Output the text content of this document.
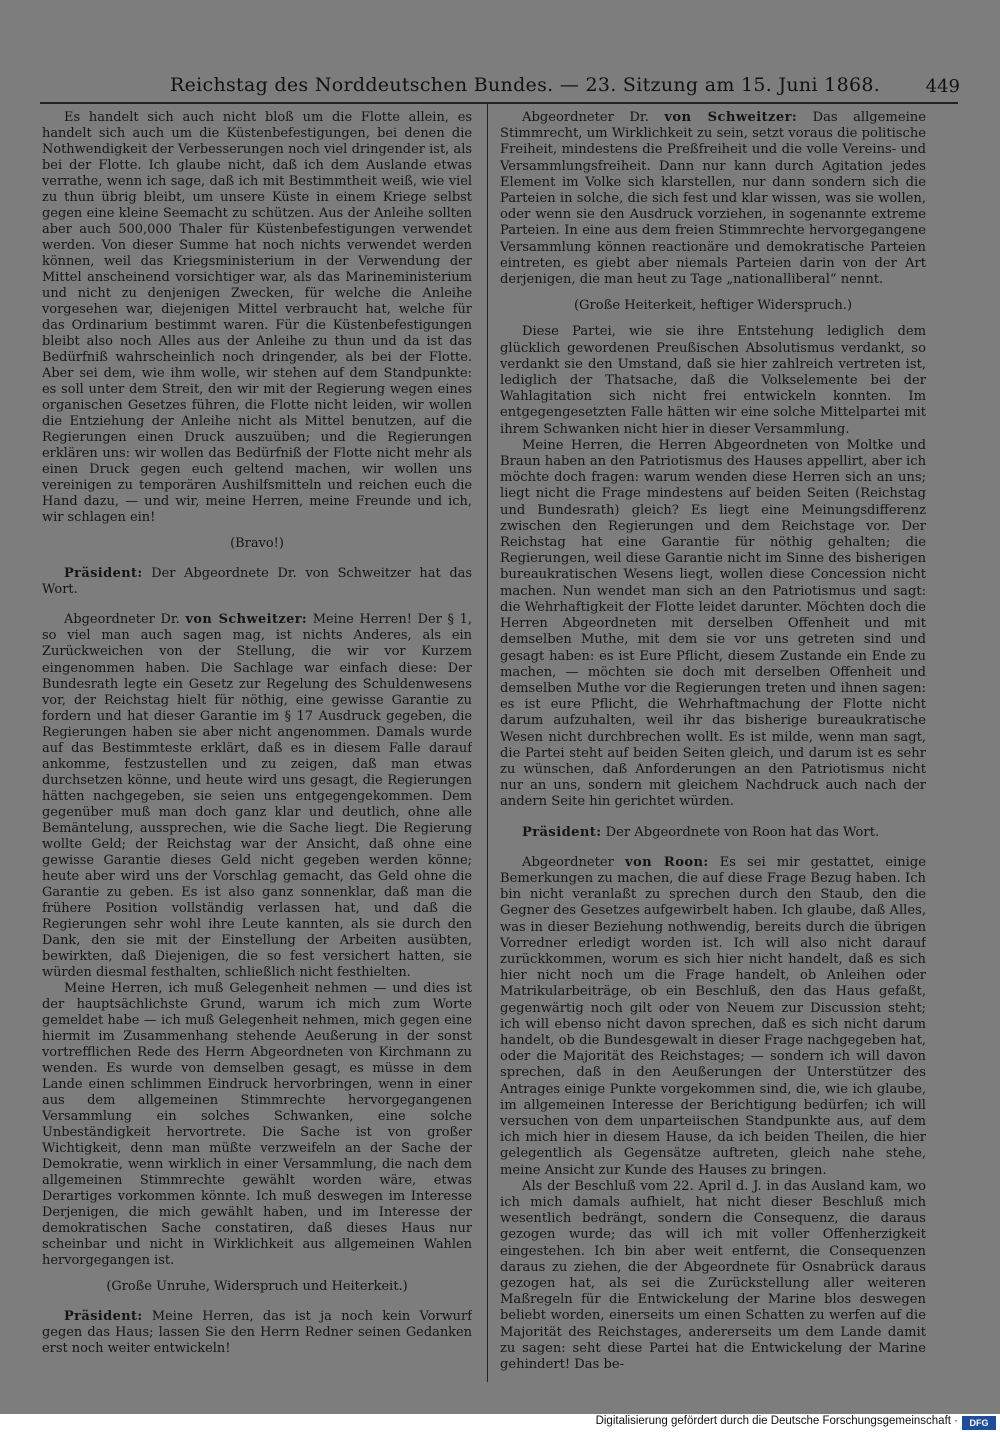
Reichstag des Norddeutschen Bundes. — 23. Sitzung am 15. Juni 1868.	449

Es handelt sich auch nicht bloß um die Flotte allein, es handelt sich auch um die Küstenbefestigungen, bei denen die Nothwendigkeit der Verbesserungen noch viel dringender ist, als bei der Flotte. Ich glaube nicht, daß ich dem Auslande etwas verrathe, wenn ich sage, daß ich mit Bestimmtheit weiß, wie viel zu thun übrig bleibt, um unsere Küste in einem Kriege selbst gegen eine kleine Seemacht zu schützen. Aus der Anleihe sollten aber auch 500,000 Thaler für Küstenbefestigungen verwendet werden. Von dieser Summe hat noch nichts verwendet werden können, weil das Kriegsministerium in der Verwendung der Mittel anscheinend vorsichtiger war, als das Marineministerium und nicht zu denjenigen Zwecken, für welche die Anleihe vorgesehen war, diejenigen Mittel verbraucht hat, welche für das Ordinarium bestimmt waren. Für die Küstenbefestigungen bleibt also noch Alles aus der Anleihe zu thun und da ist das Bedürfniß wahrscheinlich noch dringender, als bei der Flotte. Aber sei dem, wie ihm wolle, wir stehen auf dem Standpunkte: es soll unter dem Streit, den wir mit der Regierung wegen eines organischen Gesetzes führen, die Flotte nicht leiden, wir wollen die Entziehung der Anleihe nicht als Mittel benutzen, auf die Regierungen einen Druck auszuüben; und die Regierungen erklären uns: wir wollen das Bedürfniß der Flotte nicht mehr als einen Druck gegen euch geltend machen, wir wollen uns vereinigen zu temporären Aushilfsmitteln und reichen euch die Hand dazu, — und wir, meine Herren, meine Freunde und ich, wir schlagen ein!

(Bravo!)

Präsident: Der Abgeordnete Dr. von Schweitzer hat das Wort.

Abgeordneter Dr. von Schweitzer: Meine Herren! Der § 1, so viel man auch sagen mag, ist nichts Anderes, als ein Zurückweichen von der Stellung, die wir vor Kurzem eingenommen haben. Die Sachlage war einfach diese: Der Bundesrath legte ein Gesetz zur Regelung des Schuldenwesens vor, der Reichstag hielt für nöthig, eine gewisse Garantie zu fordern und hat dieser Garantie im § 17 Ausdruck gegeben, die Regierungen haben sie aber nicht angenommen. Damals wurde auf das Bestimmteste erklärt, daß es in diesem Falle darauf ankomme, festzustellen und zu zeigen, daß man etwas durchsetzen könne, und heute wird uns gesagt, die Regierungen hätten nachgegeben, sie seien uns entgegengekommen. Dem gegenüber muß man doch ganz klar und deutlich, ohne alle Bemäntelung, aussprechen, wie die Sache liegt. Die Regierung wollte Geld; der Reichstag war der Ansicht, daß ohne eine gewisse Garantie dieses Geld nicht gegeben werden könne; heute aber wird uns der Vorschlag gemacht, das Geld ohne die Garantie zu geben. Es ist also ganz sonnenklar, daß man die frühere Position vollständig verlassen hat, und daß die Regierungen sehr wohl ihre Leute kannten, als sie durch den Dank, den sie mit der Einstellung der Arbeiten ausübten, bewirkten, daß Diejenigen, die so fest versichert hatten, sie würden diesmal festhalten, schließlich nicht festhielten.

Meine Herren, ich muß Gelegenheit nehmen — und dies ist der hauptsächlichste Grund, warum ich mich zum Worte gemeldet habe — ich muß Gelegenheit nehmen, mich gegen eine hiermit im Zusammenhang stehende Aeußerung in der sonst vortrefflichen Rede des Herrn Abgeordneten von Kirchmann zu wenden. Es wurde von demselben gesagt, es müsse in dem Lande einen schlimmen Eindruck hervorbringen, wenn in einer aus dem allgemeinen Stimmrechte hervorgegangenen Versammlung ein solches Schwanken, eine solche Unbeständigkeit hervortrete. Die Sache ist von großer Wichtigkeit, denn man müßte verzweifeln an der Sache der Demokratie, wenn wirklich in einer Versammlung, die nach dem allgemeinen Stimmrechte gewählt worden wäre, etwas Derartiges vorkommen könnte. Ich muß deswegen im Interesse Derjenigen, die mich gewählt haben, und im Interesse der demokratischen Sache constatiren, daß dieses Haus nur scheinbar und nicht in Wirklichkeit aus allgemeinen Wahlen hervorgegangen ist.

(Große Unruhe, Widerspruch und Heiterkeit.)

Präsident: Meine Herren, das ist ja noch kein Vorwurf gegen das Haus; lassen Sie den Herrn Redner seinen Gedanken erst noch weiter entwickeln!

Abgeordneter Dr. von Schweitzer: Das allgemeine Stimmrecht, um Wirklichkeit zu sein, setzt voraus die politische Freiheit, mindestens die Preßfreiheit und die volle Vereins- und Versammlungsfreiheit. Dann nur kann durch Agitation jedes Element im Volke sich klarstellen, nur dann sondern sich die Parteien in solche, die sich fest und klar wissen, was sie wollen, oder wenn sie den Ausdruck vorziehen, in sogenannte extreme Parteien. In eine aus dem freien Stimmrechte hervorgegangene Versammlung können reactionäre und demokratische Parteien eintreten, es giebt aber niemals Parteien darin von der Art derjenigen, die man heut zu Tage „nationalliberal“ nennt.

(Große Heiterkeit, heftiger Widerspruch.)

Diese Partei, wie sie ihre Entstehung lediglich dem glücklich gewordenen Preußischen Absolutismus verdankt, so verdankt sie den Umstand, daß sie hier zahlreich vertreten ist, lediglich der Thatsache, daß die Volkselemente bei der Wahlagitation sich nicht frei entwickeln konnten. Im entgegengesetzten Falle hätten wir eine solche Mittelpartei mit ihrem Schwanken nicht hier in dieser Versammlung.

Meine Herren, die Herren Abgeordneten von Moltke und Braun haben an den Patriotismus des Hauses appellirt, aber ich möchte doch fragen: warum wenden diese Herren sich an uns; liegt nicht die Frage mindestens auf beiden Seiten (Reichstag und Bundesrath) gleich? Es liegt eine Meinungsdifferenz zwischen den Regierungen und dem Reichstage vor. Der Reichstag hat eine Garantie für nöthig gehalten; die Regierungen, weil diese Garantie nicht im Sinne des bisherigen bureaukratischen Wesens liegt, wollen diese Concession nicht machen. Nun wendet man sich an den Patriotismus und sagt: die Wehrhaftigkeit der Flotte leidet darunter. Möchten doch die Herren Abgeordneten mit derselben Offenheit und mit demselben Muthe, mit dem sie vor uns getreten sind und gesagt haben: es ist Eure Pflicht, diesem Zustande ein Ende zu machen, — möchten sie doch mit derselben Offenheit und demselben Muthe vor die Regierungen treten und ihnen sagen: es ist eure Pflicht, die Wehrhaftmachung der Flotte nicht darum aufzuhalten, weil ihr das bisherige bureaukratische Wesen nicht durchbrechen wollt. Es ist milde, wenn man sagt, die Partei steht auf beiden Seiten gleich, und darum ist es sehr zu wünschen, daß Anforderungen an den Patriotismus nicht nur an uns, sondern mit gleichem Nachdruck auch nach der andern Seite hin gerichtet würden.

Präsident: Der Abgeordnete von Roon hat das Wort.

Abgeordneter von Roon: Es sei mir gestattet, einige Bemerkungen zu machen, die auf diese Frage Bezug haben. Ich bin nicht veranlaßt zu sprechen durch den Staub, den die Gegner des Gesetzes aufgewirbelt haben. Ich glaube, daß Alles, was in dieser Beziehung nothwendig, bereits durch die übrigen Vorredner erledigt worden ist. Ich will also nicht darauf zurückkommen, worum es sich hier nicht handelt, daß es sich hier nicht noch um die Frage handelt, ob Anleihen oder Matrikularbeiträge, ob ein Beschluß, den das Haus gefaßt, gegenwärtig noch gilt oder von Neuem zur Discussion steht; ich will ebenso nicht davon sprechen, daß es sich nicht darum handelt, ob die Bundesgewalt in dieser Frage nachgegeben hat, oder die Majorität des Reichstages; — sondern ich will davon sprechen, daß in den Aeußerungen der Unterstützer des Antrages einige Punkte vorgekommen sind, die, wie ich glaube, im allgemeinen Interesse der Berichtigung bedürfen; ich will versuchen von dem unparteiischen Standpunkte aus, auf dem ich mich hier in diesem Hause, da ich beiden Theilen, die hier gelegentlich als Gegensätze auftreten, gleich nahe stehe, meine Ansicht zur Kunde des Hauses zu bringen.

Als der Beschluß vom 22. April d. J. in das Ausland kam, wo ich mich damals aufhielt, hat nicht dieser Beschluß mich wesentlich bedrängt, sondern die Consequenz, die daraus gezogen wurde; das will ich mit voller Offenherzigkeit eingestehen. Ich bin aber weit entfernt, die Consequenzen daraus zu ziehen, die der Abgeordnete für Osnabrück daraus gezogen hat, als sei die Zurückstellung aller weiteren Maßregeln für die Entwickelung der Marine blos deswegen beliebt worden, einerseits um einen Schatten zu werfen auf die Majorität des Reichstages, andererseits um dem Lande damit zu sagen: seht diese Partei hat die Entwickelung der Marine gehindert! Das be-

Digitalisierung gefördert durch die Deutsche Forschungsgemeinschaft ·	DFG
